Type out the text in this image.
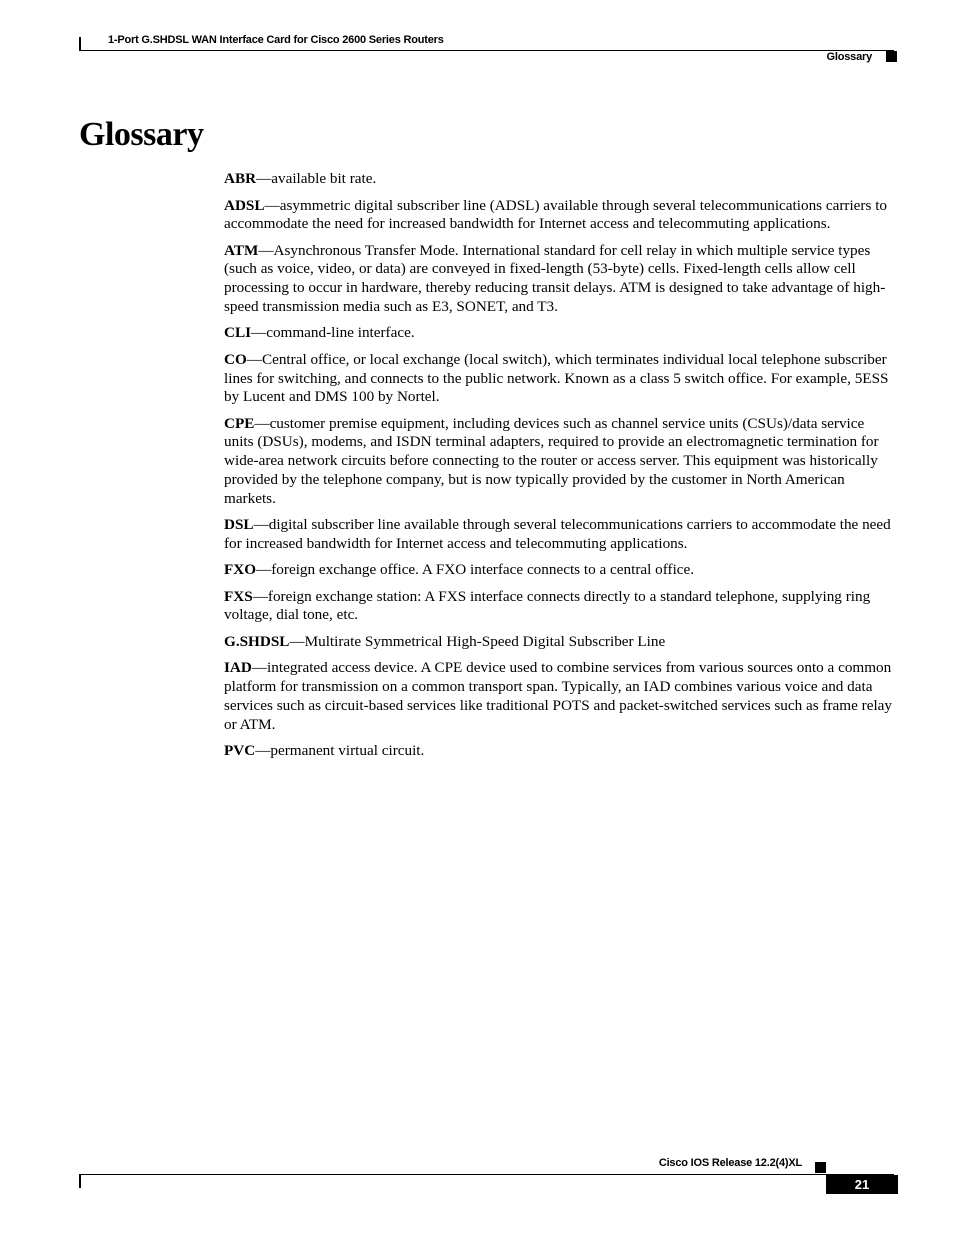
1-Port G.SHDSL WAN Interface Card for Cisco 2600 Series Routers
Glossary
Glossary

ABR—available bit rate.

ADSL—asymmetric digital subscriber line (ADSL) available through several telecommunications carriers to accommodate the need for increased bandwidth for Internet access and telecommuting applications.

ATM—Asynchronous Transfer Mode. International standard for cell relay in which multiple service types (such as voice, video, or data) are conveyed in fixed-length (53-byte) cells. Fixed-length cells allow cell processing to occur in hardware, thereby reducing transit delays. ATM is designed to take advantage of high-speed transmission media such as E3, SONET, and T3.

CLI—command-line interface.

CO—Central office, or local exchange (local switch), which terminates individual local telephone subscriber lines for switching, and connects to the public network. Known as a class 5 switch office. For example, 5ESS by Lucent and DMS 100 by Nortel.

CPE—customer premise equipment, including devices such as channel service units (CSUs)/data service units (DSUs), modems, and ISDN terminal adapters, required to provide an electromagnetic termination for wide-area network circuits before connecting to the router or access server. This equipment was historically provided by the telephone company, but is now typically provided by the customer in North American markets.

DSL—digital subscriber line available through several telecommunications carriers to accommodate the need for increased bandwidth for Internet access and telecommuting applications.

FXO—foreign exchange office. A FXO interface connects to a central office.

FXS—foreign exchange station: A FXS interface connects directly to a standard telephone, supplying ring voltage, dial tone, etc.

G.SHDSL—Multirate Symmetrical High-Speed Digital Subscriber Line

IAD—integrated access device. A CPE device used to combine services from various sources onto a common platform for transmission on a common transport span. Typically, an IAD combines various voice and data services such as circuit-based services like traditional POTS and packet-switched services such as frame relay or ATM.

PVC—permanent virtual circuit.

Cisco IOS Release 12.2(4)XL
21
